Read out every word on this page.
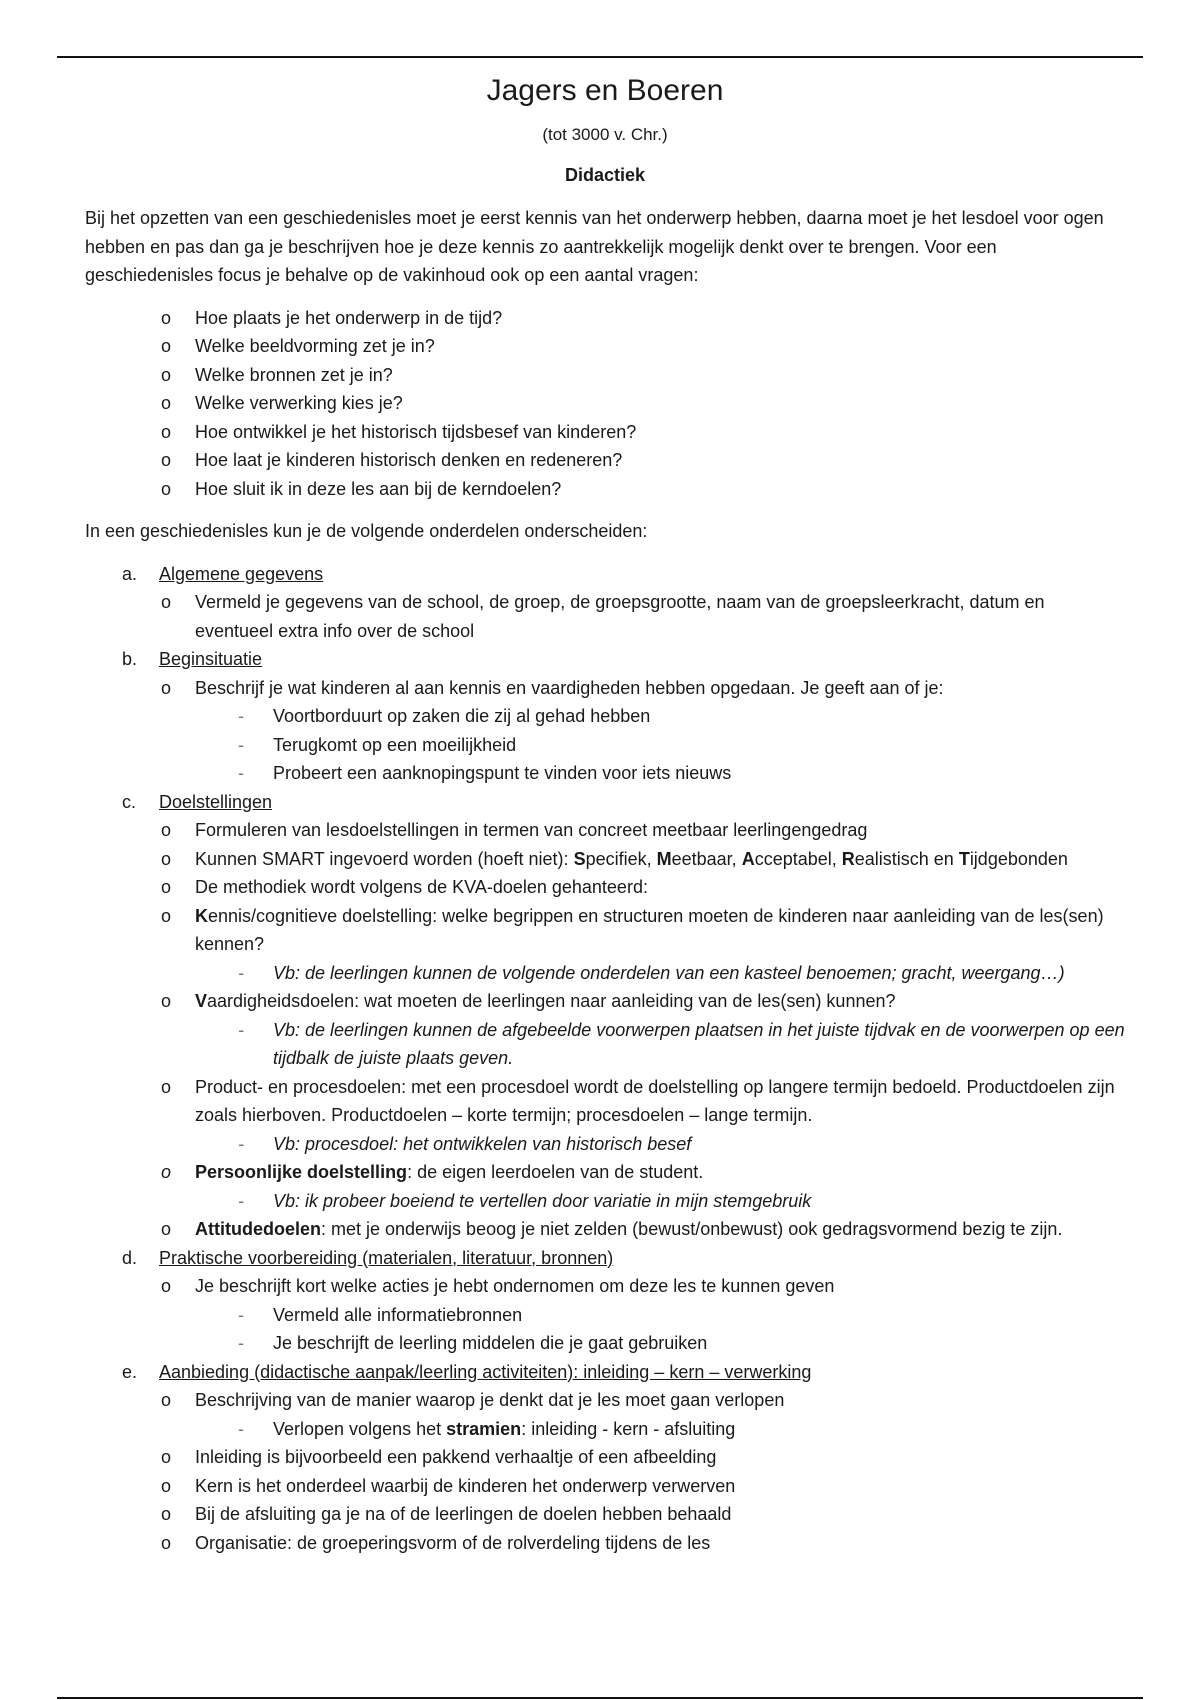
Jagers en Boeren
(tot 3000 v. Chr.)
Didactiek

Bij het opzetten van een geschiedenisles moet je eerst kennis van het onderwerp hebben, daarna moet je het lesdoel voor ogen hebben en pas dan ga je beschrijven hoe je deze kennis zo aantrekkelijk mogelijk denkt over te brengen. Voor een geschiedenisles focus je behalve op de vakinhoud ook op een aantal vragen:

o Hoe plaats je het onderwerp in de tijd?
o Welke beeldvorming zet je in?
o Welke bronnen zet je in?
o Welke verwerking kies je?
o Hoe ontwikkel je het historisch tijdsbesef van kinderen?
o Hoe laat je kinderen historisch denken en redeneren?
o Hoe sluit ik in deze les aan bij de kerndoelen?
In een geschiedenisles kun je de volgende onderdelen onderscheiden:
a. Algemene gegevens
o Vermeld je gegevens van de school, de groep, de groepsgrootte, naam van de groepsleerkracht, datum en eventueel extra info over de school
b. Beginsituatie
o Beschrijf je wat kinderen al aan kennis en vaardigheden hebben opgedaan. Je geeft aan of je:
- Voortborduurt op zaken die zij al gehad hebben
- Terugkomt op een moeilijkheid
- Probeert een aanknopingspunt te vinden voor iets nieuws
c. Doelstellingen
o Formuleren van lesdoelstellingen in termen van concreet meetbaar leerlingengedrag
o Kunnen SMART ingevoerd worden (hoeft niet): Specifiek, Meetbaar, Acceptabel, Realistisch en Tijdgebonden
o De methodiek wordt volgens de KVA-doelen gehanteerd:
o Kennis/cognitieve doelstelling: welke begrippen en structuren moeten de kinderen naar aanleiding van de les(sen) kennen?
- Vb: de leerlingen kunnen de volgende onderdelen van een kasteel benoemen; gracht, weergang…)
o Vaardigheidsdoelen: wat moeten de leerlingen naar aanleiding van de les(sen) kunnen?
- Vb: de leerlingen kunnen de afgebeelde voorwerpen plaatsen in het juiste tijdvak en de voorwerpen op een tijdbalk de juiste plaats geven.
o Product- en procesdoelen: met een procesdoel wordt de doelstelling op langere termijn bedoeld. Productdoelen zijn zoals hierboven. Productdoelen – korte termijn; procesdoelen – lange termijn.
- Vb: procesdoel: het ontwikkelen van historisch besef
o Persoonlijke doelstelling: de eigen leerdoelen van de student.
- Vb: ik probeer boeiend te vertellen door variatie in mijn stemgebruik
o Attitudedoelen: met je onderwijs beoog je niet zelden (bewust/onbewust) ook gedragsvormend bezig te zijn.
d. Praktische voorbereiding (materialen, literatuur, bronnen)
o Je beschrijft kort welke acties je hebt ondernomen om deze les te kunnen geven
- Vermeld alle informatiebronnen
- Je beschrijft de leerling middelen die je gaat gebruiken
e. Aanbieding (didactische aanpak/leerling activiteiten): inleiding – kern – verwerking
o Beschrijving van de manier waarop je denkt dat je les moet gaan verlopen
- Verlopen volgens het stramien: inleiding - kern - afsluiting
o Inleiding is bijvoorbeeld een pakkend verhaaltje of een afbeelding
o Kern is het onderdeel waarbij de kinderen het onderwerp verwerven
o Bij de afsluiting ga je na of de leerlingen de doelen hebben behaald
o Organisatie: de groeperingsvorm of de rolverdeling tijdens de les
